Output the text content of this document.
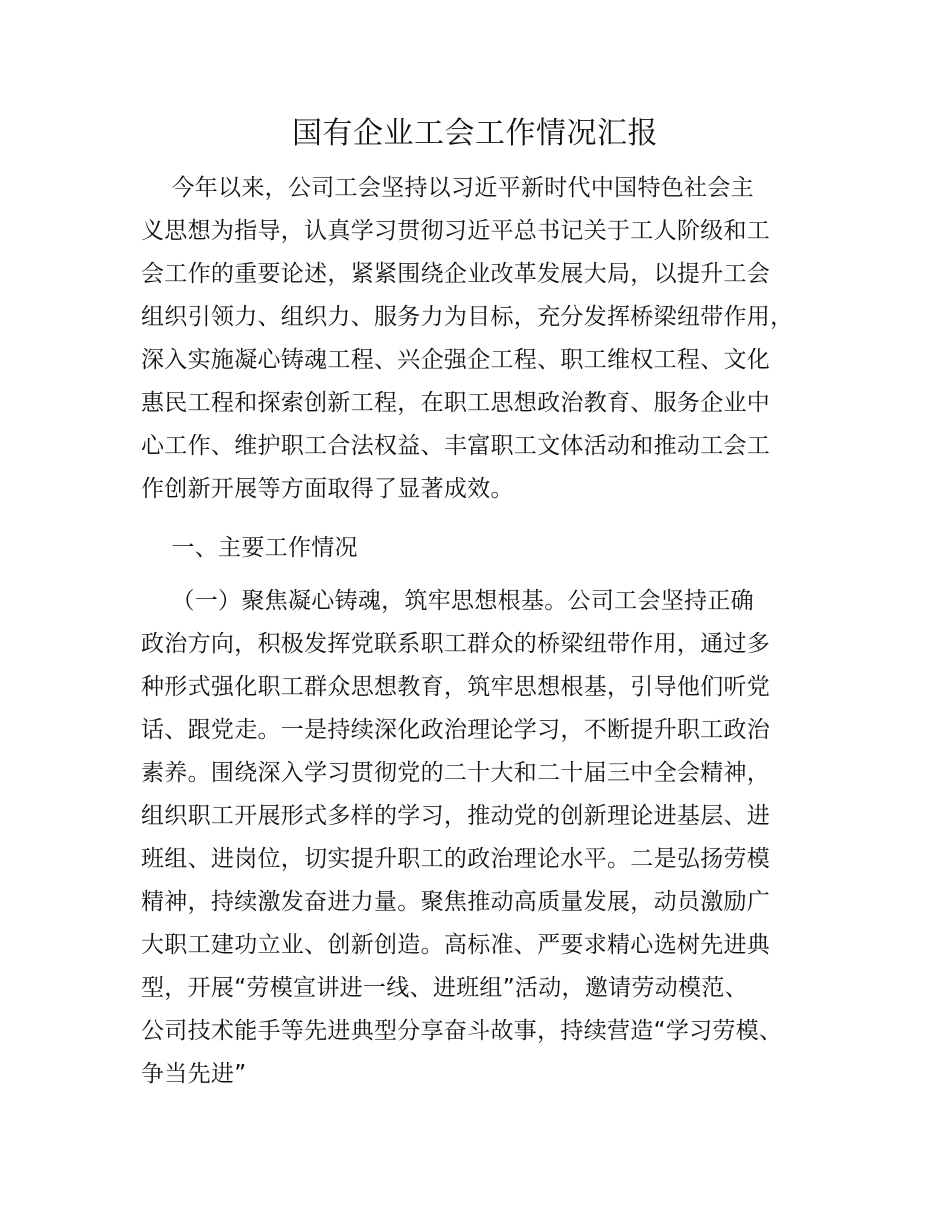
国有企业工会工作情况汇报
今年以来，公司工会坚持以习近平新时代中国特色社会主
义思想为指导，认真学习贯彻习近平总书记关于工人阶级和工
会工作的重要论述，紧紧围绕企业改革发展大局，以提升工会
组织引领力、组织力、服务力为目标，充分发挥桥梁纽带作用，
深入实施凝心铸魂工程、兴企强企工程、职工维权工程、文化
惠民工程和探索创新工程，在职工思想政治教育、服务企业中
心工作、维护职工合法权益、丰富职工文体活动和推动工会工
作创新开展等方面取得了显著成效。
一、主要工作情况
（一）聚焦凝心铸魂，筑牢思想根基。公司工会坚持正确
政治方向，积极发挥党联系职工群众的桥梁纽带作用，通过多
种形式强化职工群众思想教育，筑牢思想根基，引导他们听党
话、跟党走。一是持续深化政治理论学习，不断提升职工政治
素养。围绕深入学习贯彻党的二十大和二十届三中全会精神，
组织职工开展形式多样的学习，推动党的创新理论进基层、进
班组、进岗位，切实提升职工的政治理论水平。二是弘扬劳模
精神，持续激发奋进力量。聚焦推动高质量发展，动员激励广
大职工建功立业、创新创造。高标准、严要求精心选树先进典
型，开展“劳模宣讲进一线、进班组”活动，邀请劳动模范、
公司技术能手等先进典型分享奋斗故事，持续营造“学习劳模、
争当先进”
